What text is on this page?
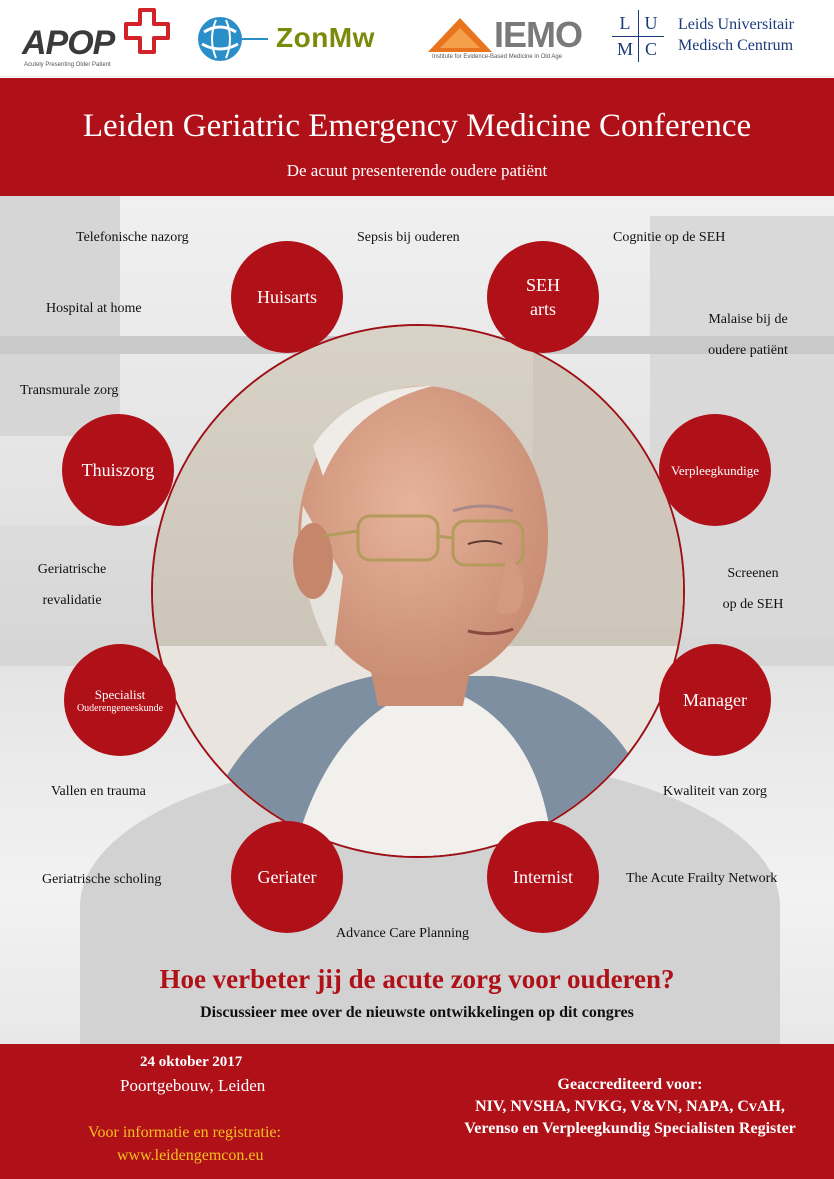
APOP
Acutely Presenting Older Patient
ZonMw	IEMO
Institute for Evidence-Based Medicine in Old Age
L U
M C
Leids Universitair
Medisch Centrum
Leiden Geriatric Emergency Medicine Conference
De acuut presenterende oudere patiënt
Huisarts
SEH
arts
Thuiszorg	Verpleegkundige
Specialist
Ouderengeneeskunde	Manager
Geriater	Internist
Telefonische nazorg	Sepsis bij ouderen	Cognitie op de SEH
Hospital at home
Malaise bij de
oudere patiënt
Transmurale zorg
Geriatrische
revalidatie
Screenen
op de SEH
Vallen en trauma	Kwaliteit van zorg
Geriatrische scholing	The Acute Frailty Network
Advance Care Planning
Hoe verbeter jij de acute zorg voor ouderen?
Discussieer mee over de nieuwste ontwikkelingen op dit congres
24 oktober 2017
Poortgebouw, Leiden
Voor informatie en registratie:
www.leidengemcon.eu
Geaccrediteerd voor:
NIV, NVSHA, NVKG, V&VN, NAPA, CvAH,
Verenso en Verpleegkundig Specialisten Register
